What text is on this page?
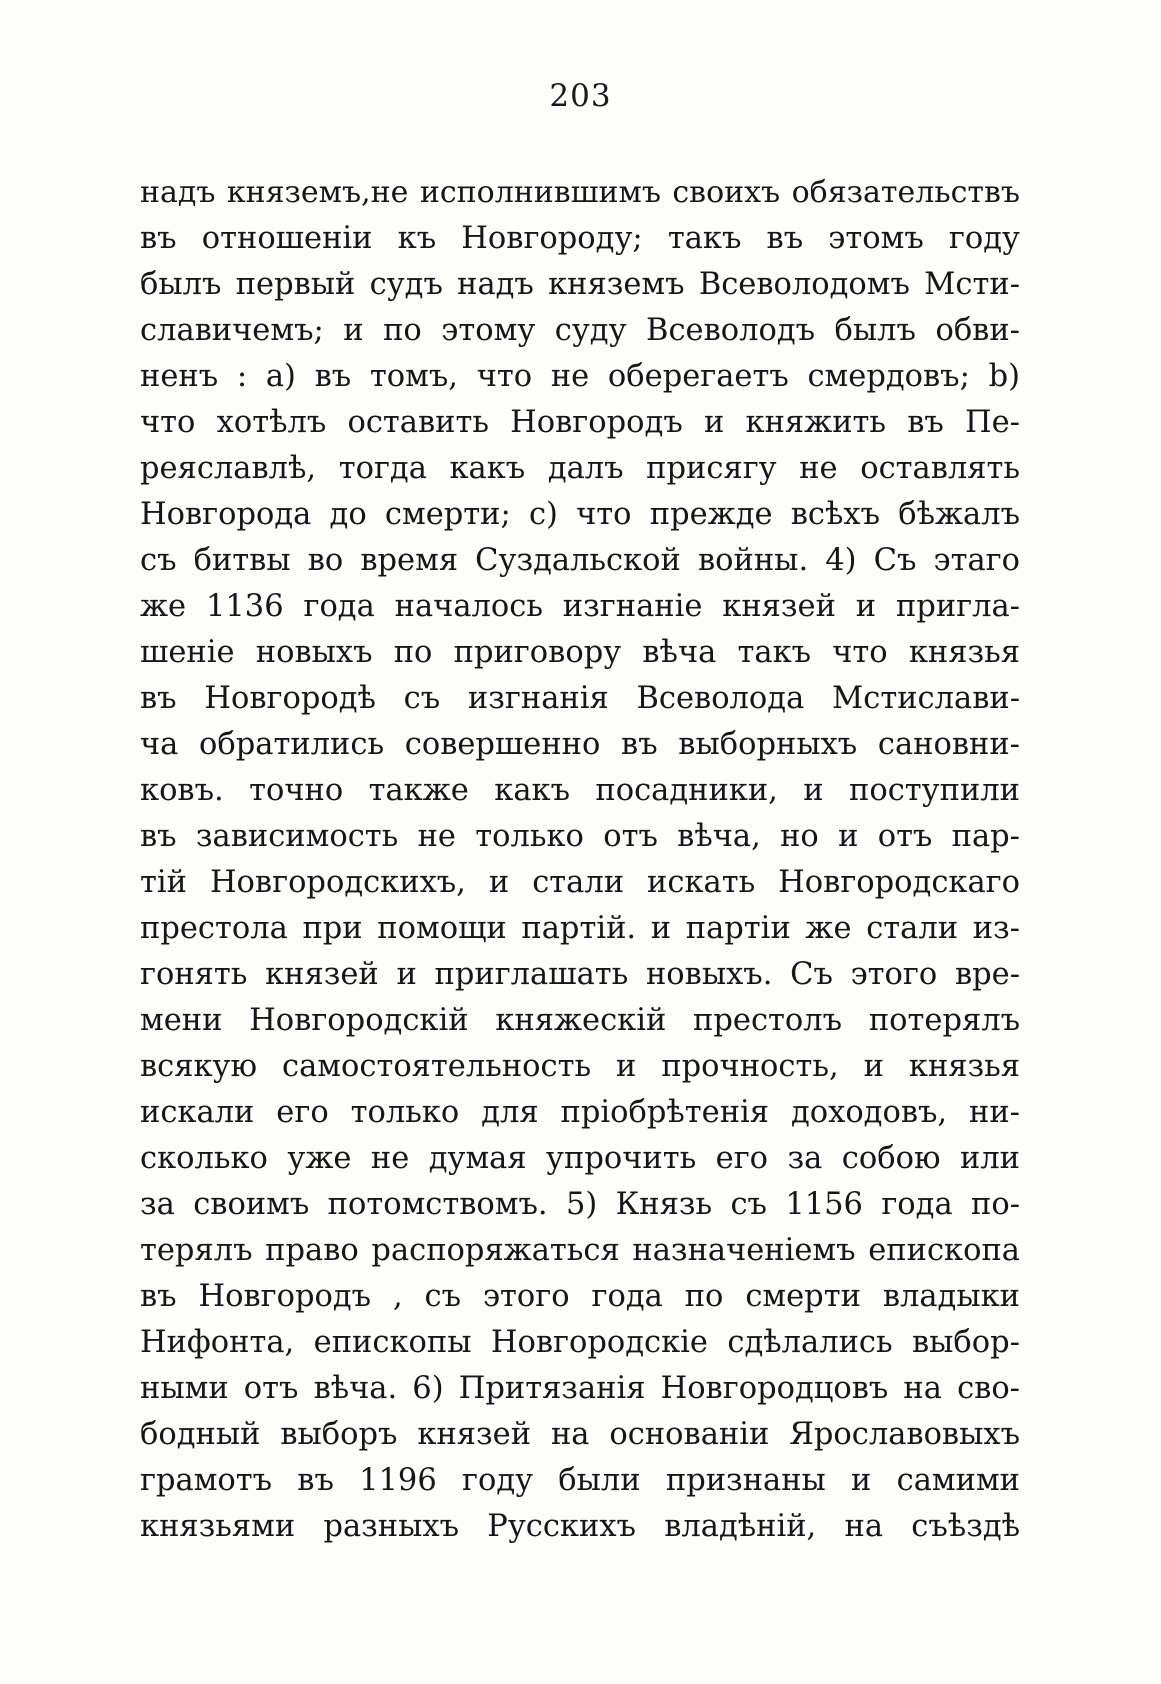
203
надъ княземъ,не исполнившимъ своихъ обязательствъ
въ отношеніи къ Новгороду; такъ въ этомъ году
былъ первый судъ надъ княземъ Всеволодомъ Мсти-
славичемъ; и по этому суду Всеволодъ былъ обви-
ненъ : а) въ томъ, что не оберегаетъ смердовъ; b)
что хотѣлъ оставить Новгородъ и княжить въ Пе-
реяславлѣ, тогда какъ далъ присягу не оставлять
Новгорода до смерти; с) что прежде всѣхъ бѣжалъ
съ битвы во время Суздальской войны. 4) Съ этаго
же 1136 года началось изгнаніе князей и пригла-
шеніе новыхъ по приговору вѣча такъ что князья
въ Новгородѣ съ изгнанія Всеволода Мстислави-
ча обратились совершенно въ выборныхъ сановни-
ковъ. точно также какъ посадники, и поступили
въ зависимость не только отъ вѣча, но и отъ пар-
тій Новгородскихъ, и стали искать Новгородскаго
престола при помощи партій. и партіи же стали из-
гонять князей и приглашать новыхъ. Съ этого вре-
мени Новгородскій княжескій престолъ потерялъ
всякую самостоятельность и прочность, и князья
искали его только для пріобрѣтенія доходовъ, ни-
сколько уже не думая упрочить его за собою или
за своимъ потомствомъ. 5) Князь съ 1156 года по-
терялъ право распоряжаться назначеніемъ епископа
въ Новгородъ , съ этого года по смерти владыки
Нифонта, епископы Новгородскіе сдѣлались выбор-
ными отъ вѣча. 6) Притязанія Новгородцовъ на сво-
бодный выборъ князей на основаніи Ярославовыхъ
грамотъ въ 1196 году были признаны и самими
князьями разныхъ Русскихъ владѣній, на съѣздѣ
